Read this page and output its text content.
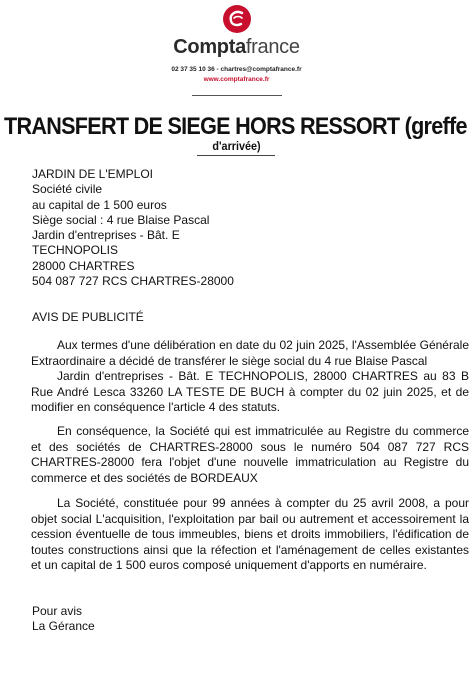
Comptafrance
02 37 35 10 36 - chartres@comptafrance.fr
www.comptafrance.fr
TRANSFERT DE SIEGE HORS RESSORT (greffe
d'arrivée)
JARDIN DE L'EMPLOI
Société civile
au capital de 1 500 euros
Siège social : 4 rue Blaise Pascal
Jardin d'entreprises - Bât. E
TECHNOPOLIS
28000 CHARTRES
504 087 727 RCS CHARTRES-28000
AVIS DE PUBLICITÉ

Aux termes d'une délibération en date du 02 juin 2025, l'Assemblée Générale Extraordinaire a décidé de transférer le siège social du 4 rue Blaise Pascal

Jardin d'entreprises - Bât. E TECHNOPOLIS, 28000 CHARTRES au 83 B Rue André Lesca 33260 LA TESTE DE BUCH à compter du 02 juin 2025, et de modifier en conséquence l'article 4 des statuts.

En conséquence, la Société qui est immatriculée au Registre du commerce et des sociétés de CHARTRES-28000 sous le numéro 504 087 727 RCS CHARTRES-28000 fera l'objet d'une nouvelle immatriculation au Registre du commerce et des sociétés de BORDEAUX

La Société, constituée pour 99 années à compter du 25 avril 2008, a pour objet social L'acquisition, l'exploitation par bail ou autrement et accessoirement la cession éventuelle de tous immeubles, biens et droits immobiliers, l'édification de toutes constructions ainsi que la réfection et l'aménagement de celles existantes et un capital de 1 500 euros composé uniquement d'apports en numéraire.

Pour avis
La Gérance
